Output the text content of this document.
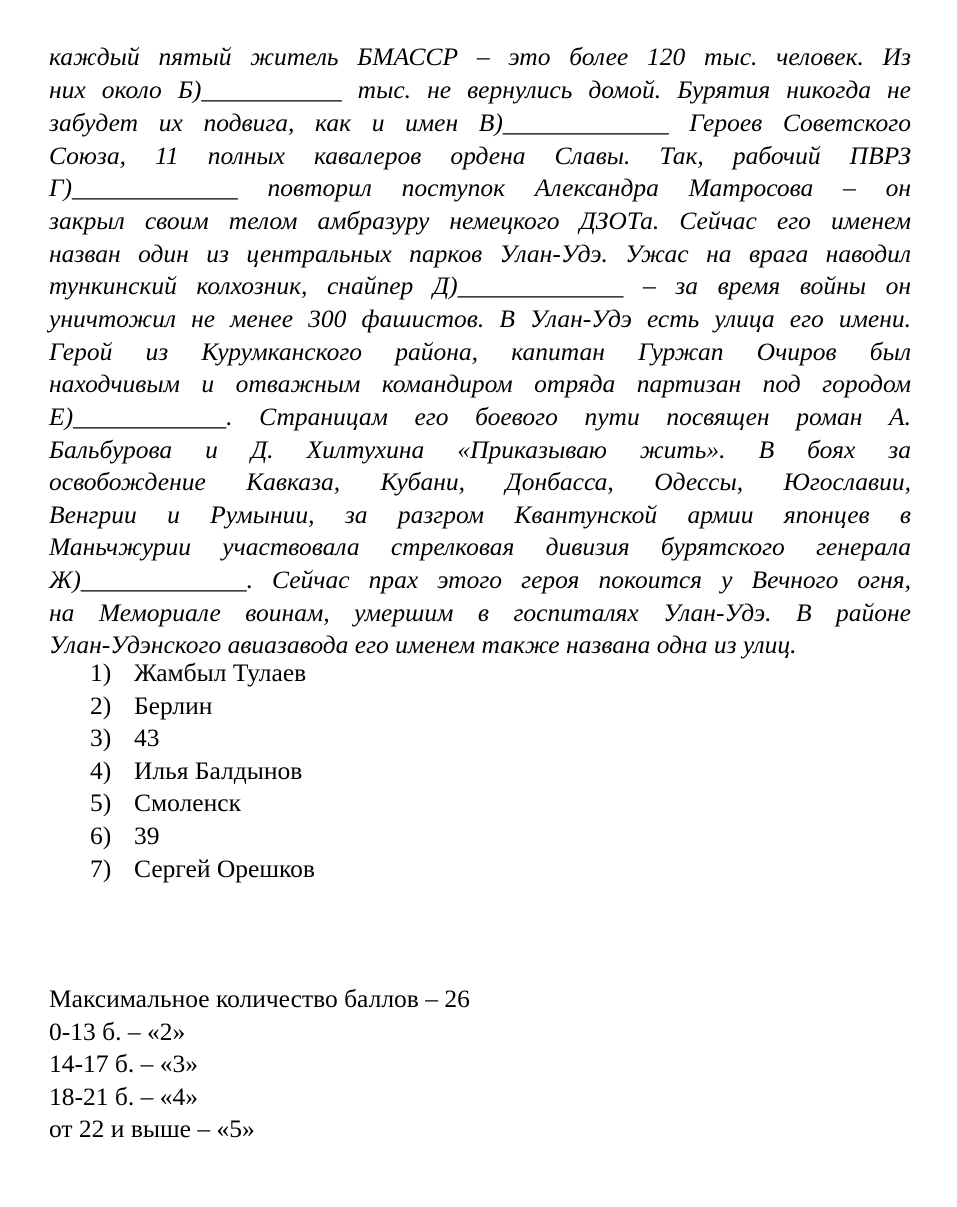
каждый пятый житель БМАССР – это более 120 тыс. человек. Из
них около Б)___________ тыс. не вернулись домой. Бурятия никогда не
забудет их подвига, как и имен В)_____________ Героев Советского
Союза, 11 полных кавалеров ордена Славы. Так, рабочий ПВРЗ
Г)_____________ повторил поступок Александра Матросова – он
закрыл своим телом амбразуру немецкого ДЗОТа. Сейчас его именем
назван один из центральных парков Улан-Удэ. Ужас на врага наводил
тункинский колхозник, снайпер Д)_____________ – за время войны он
уничтожил не менее 300 фашистов. В Улан-Удэ есть улица его имени.
Герой из Курумканского района, капитан Гуржап Очиров был
находчивым и отважным командиром отряда партизан под городом
Е)____________. Страницам его боевого пути посвящен роман А.
Бальбурова и Д. Хилтухина «Приказываю жить». В боях за
освобождение Кавказа, Кубани, Донбасса, Одессы, Югославии,
Венгрии и Румынии, за разгром Квантунской армии японцев в
Маньчжурии участвовала стрелковая дивизия бурятского генерала
Ж)_____________. Сейчас прах этого героя покоится у Вечного огня,
на Мемориале воинам, умершим в госпиталях Улан-Удэ. В районе
Улан-Удэнского авиазавода его именем также названа одна из улиц.
1) Жамбыл Тулаев
2) Берлин
3) 43
4) Илья Балдынов
5) Смоленск
6) 39
7) Сергей Орешков
Максимальное количество баллов – 26
0-13 б. – «2»
14-17 б. – «3»
18-21 б. – «4»
от 22 и выше – «5»
